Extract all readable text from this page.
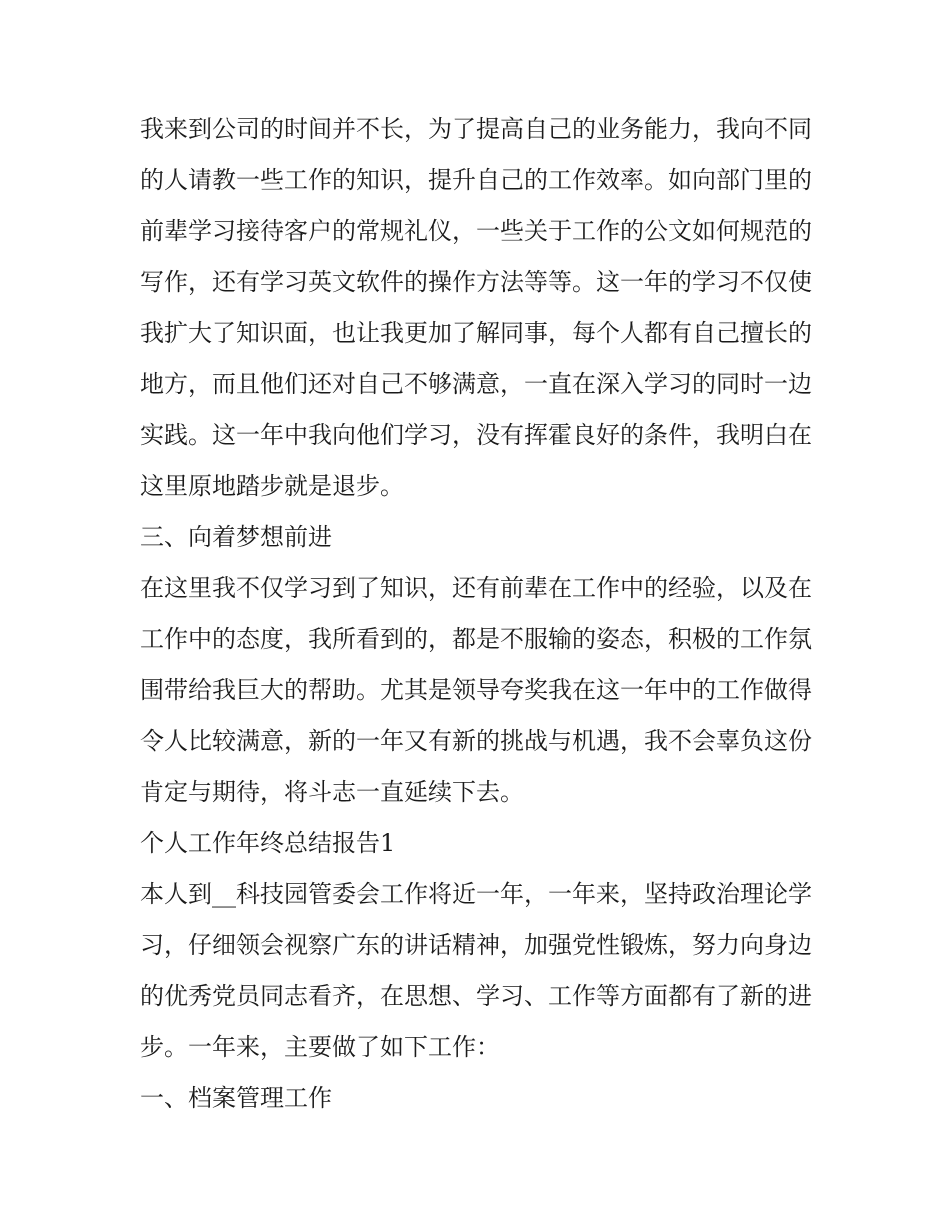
我来到公司的时间并不长，为了提高自己的业务能力，我向不同的人请教一些工作的知识，提升自己的工作效率。如向部门里的前辈学习接待客户的常规礼仪，一些关于工作的公文如何规范的写作，还有学习英文软件的操作方法等等。这一年的学习不仅使我扩大了知识面，也让我更加了解同事，每个人都有自己擅长的地方，而且他们还对自己不够满意，一直在深入学习的同时一边实践。这一年中我向他们学习，没有挥霍良好的条件，我明白在这里原地踏步就是退步。

三、向着梦想前进

在这里我不仅学习到了知识，还有前辈在工作中的经验，以及在工作中的态度，我所看到的，都是不服输的姿态，积极的工作氛围带给我巨大的帮助。尤其是领导夸奖我在这一年中的工作做得令人比较满意，新的一年又有新的挑战与机遇，我不会辜负这份肯定与期待，将斗志一直延续下去。

个人工作年终总结报告1

本人到__科技园管委会工作将近一年，一年来，坚持政治理论学习，仔细领会视察广东的讲话精神，加强党性锻炼，努力向身边的优秀党员同志看齐，在思想、学习、工作等方面都有了新的进步。一年来，主要做了如下工作：

一、档案管理工作
